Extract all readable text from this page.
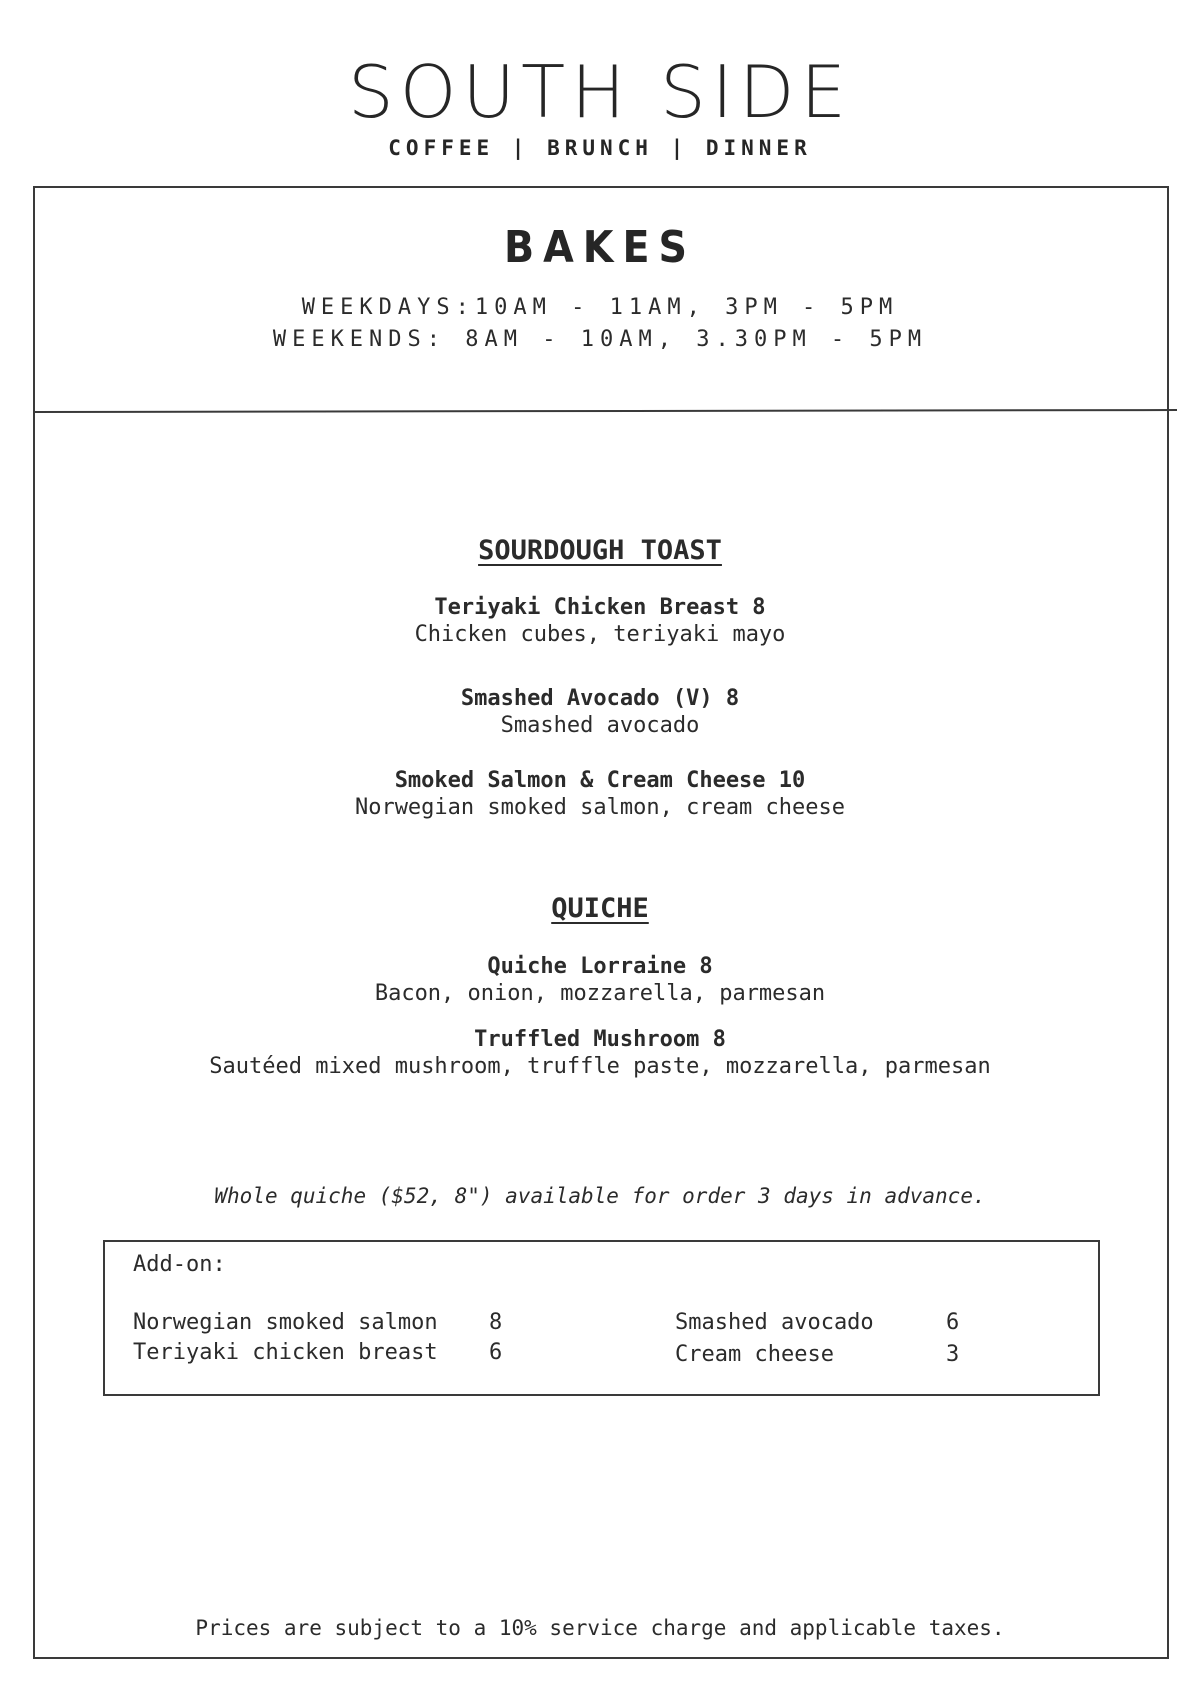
SOUTH SIDE
COFFEE | BRUNCH | DINNER
BAKES
WEEKDAYS:10AM - 11AM, 3PM - 5PM
WEEKENDS: 8AM - 10AM, 3.30PM - 5PM
SOURDOUGH TOAST
Teriyaki Chicken Breast 8
Chicken cubes, teriyaki mayo
Smashed Avocado (V) 8
Smashed avocado
Smoked Salmon & Cream Cheese 10
Norwegian smoked salmon, cream cheese
QUICHE
Quiche Lorraine 8
Bacon, onion, mozzarella, parmesan
Truffled Mushroom 8
Sautéed mixed mushroom, truffle paste, mozzarella, parmesan
Whole quiche ($52, 8") available for order 3 days in advance.
Add-on:
Norwegian smoked salmon 8
Teriyaki chicken breast 6
Smashed avocado	6
Cream cheese	3
Prices are subject to a 10% service charge and applicable taxes.
